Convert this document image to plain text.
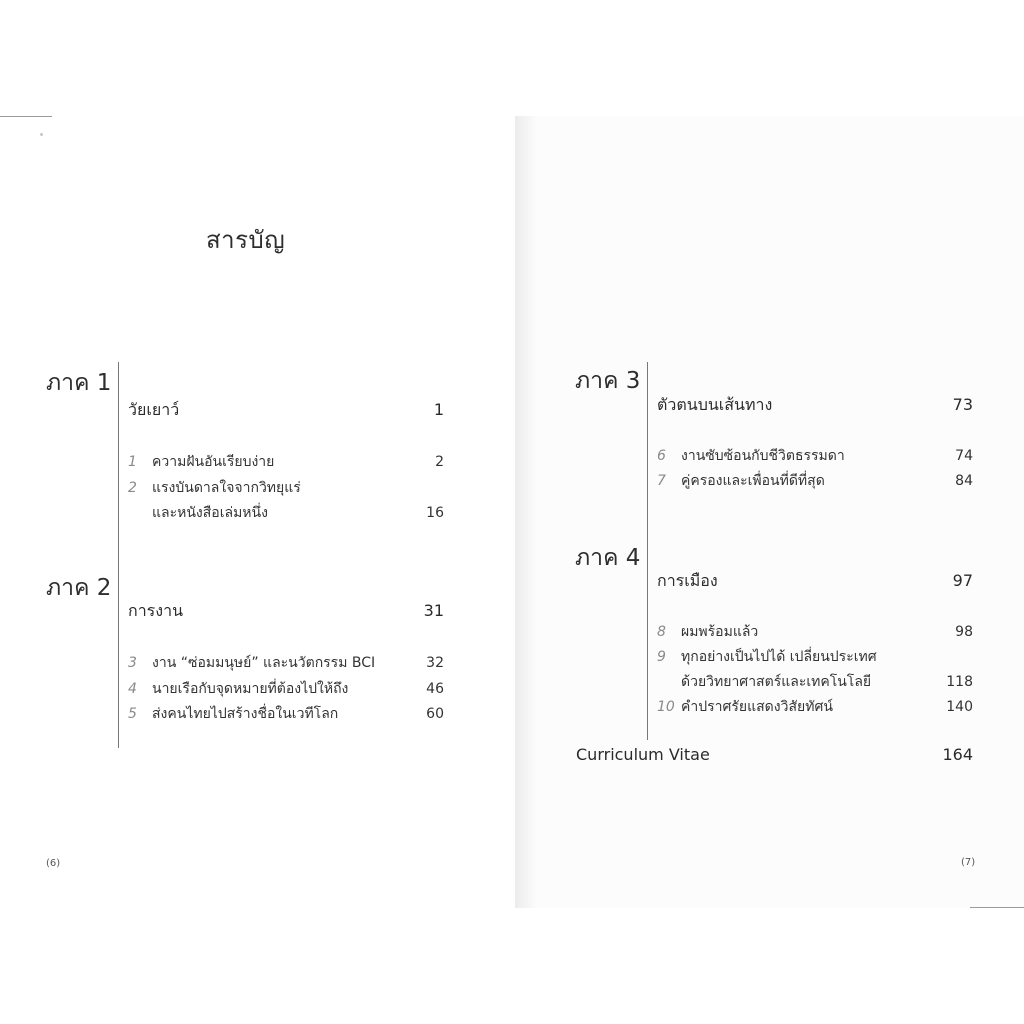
สารบัญ
ภาค 1
วัยเยาว์	1
1	ความฝันอันเรียบง่าย	2
2	แรงบันดาลใจจากวิทยุแร่
และหนังสือเล่มหนึ่ง	16
ภาค 2
การงาน	31
3	งาน “ซ่อมมนุษย์” และนวัตกรรม BCI	32
4	นายเรือกับจุดหมายที่ต้องไปให้ถึง	46
5	ส่งคนไทยไปสร้างชื่อในเวทีโลก	60
(6)
ภาค 3
ตัวตนบนเส้นทาง	73
6	งานซับซ้อนกับชีวิตธรรมดา	74
7	คู่ครองและเพื่อนที่ดีที่สุด	84
ภาค 4
การเมือง	97
8	ผมพร้อมแล้ว	98
9	ทุกอย่างเป็นไปได้ เปลี่ยนประเทศ
ด้วยวิทยาศาสตร์และเทคโนโลยี	118
10 คำปราศรัยแสดงวิสัยทัศน์	140
Curriculum Vitae	164
(7)
